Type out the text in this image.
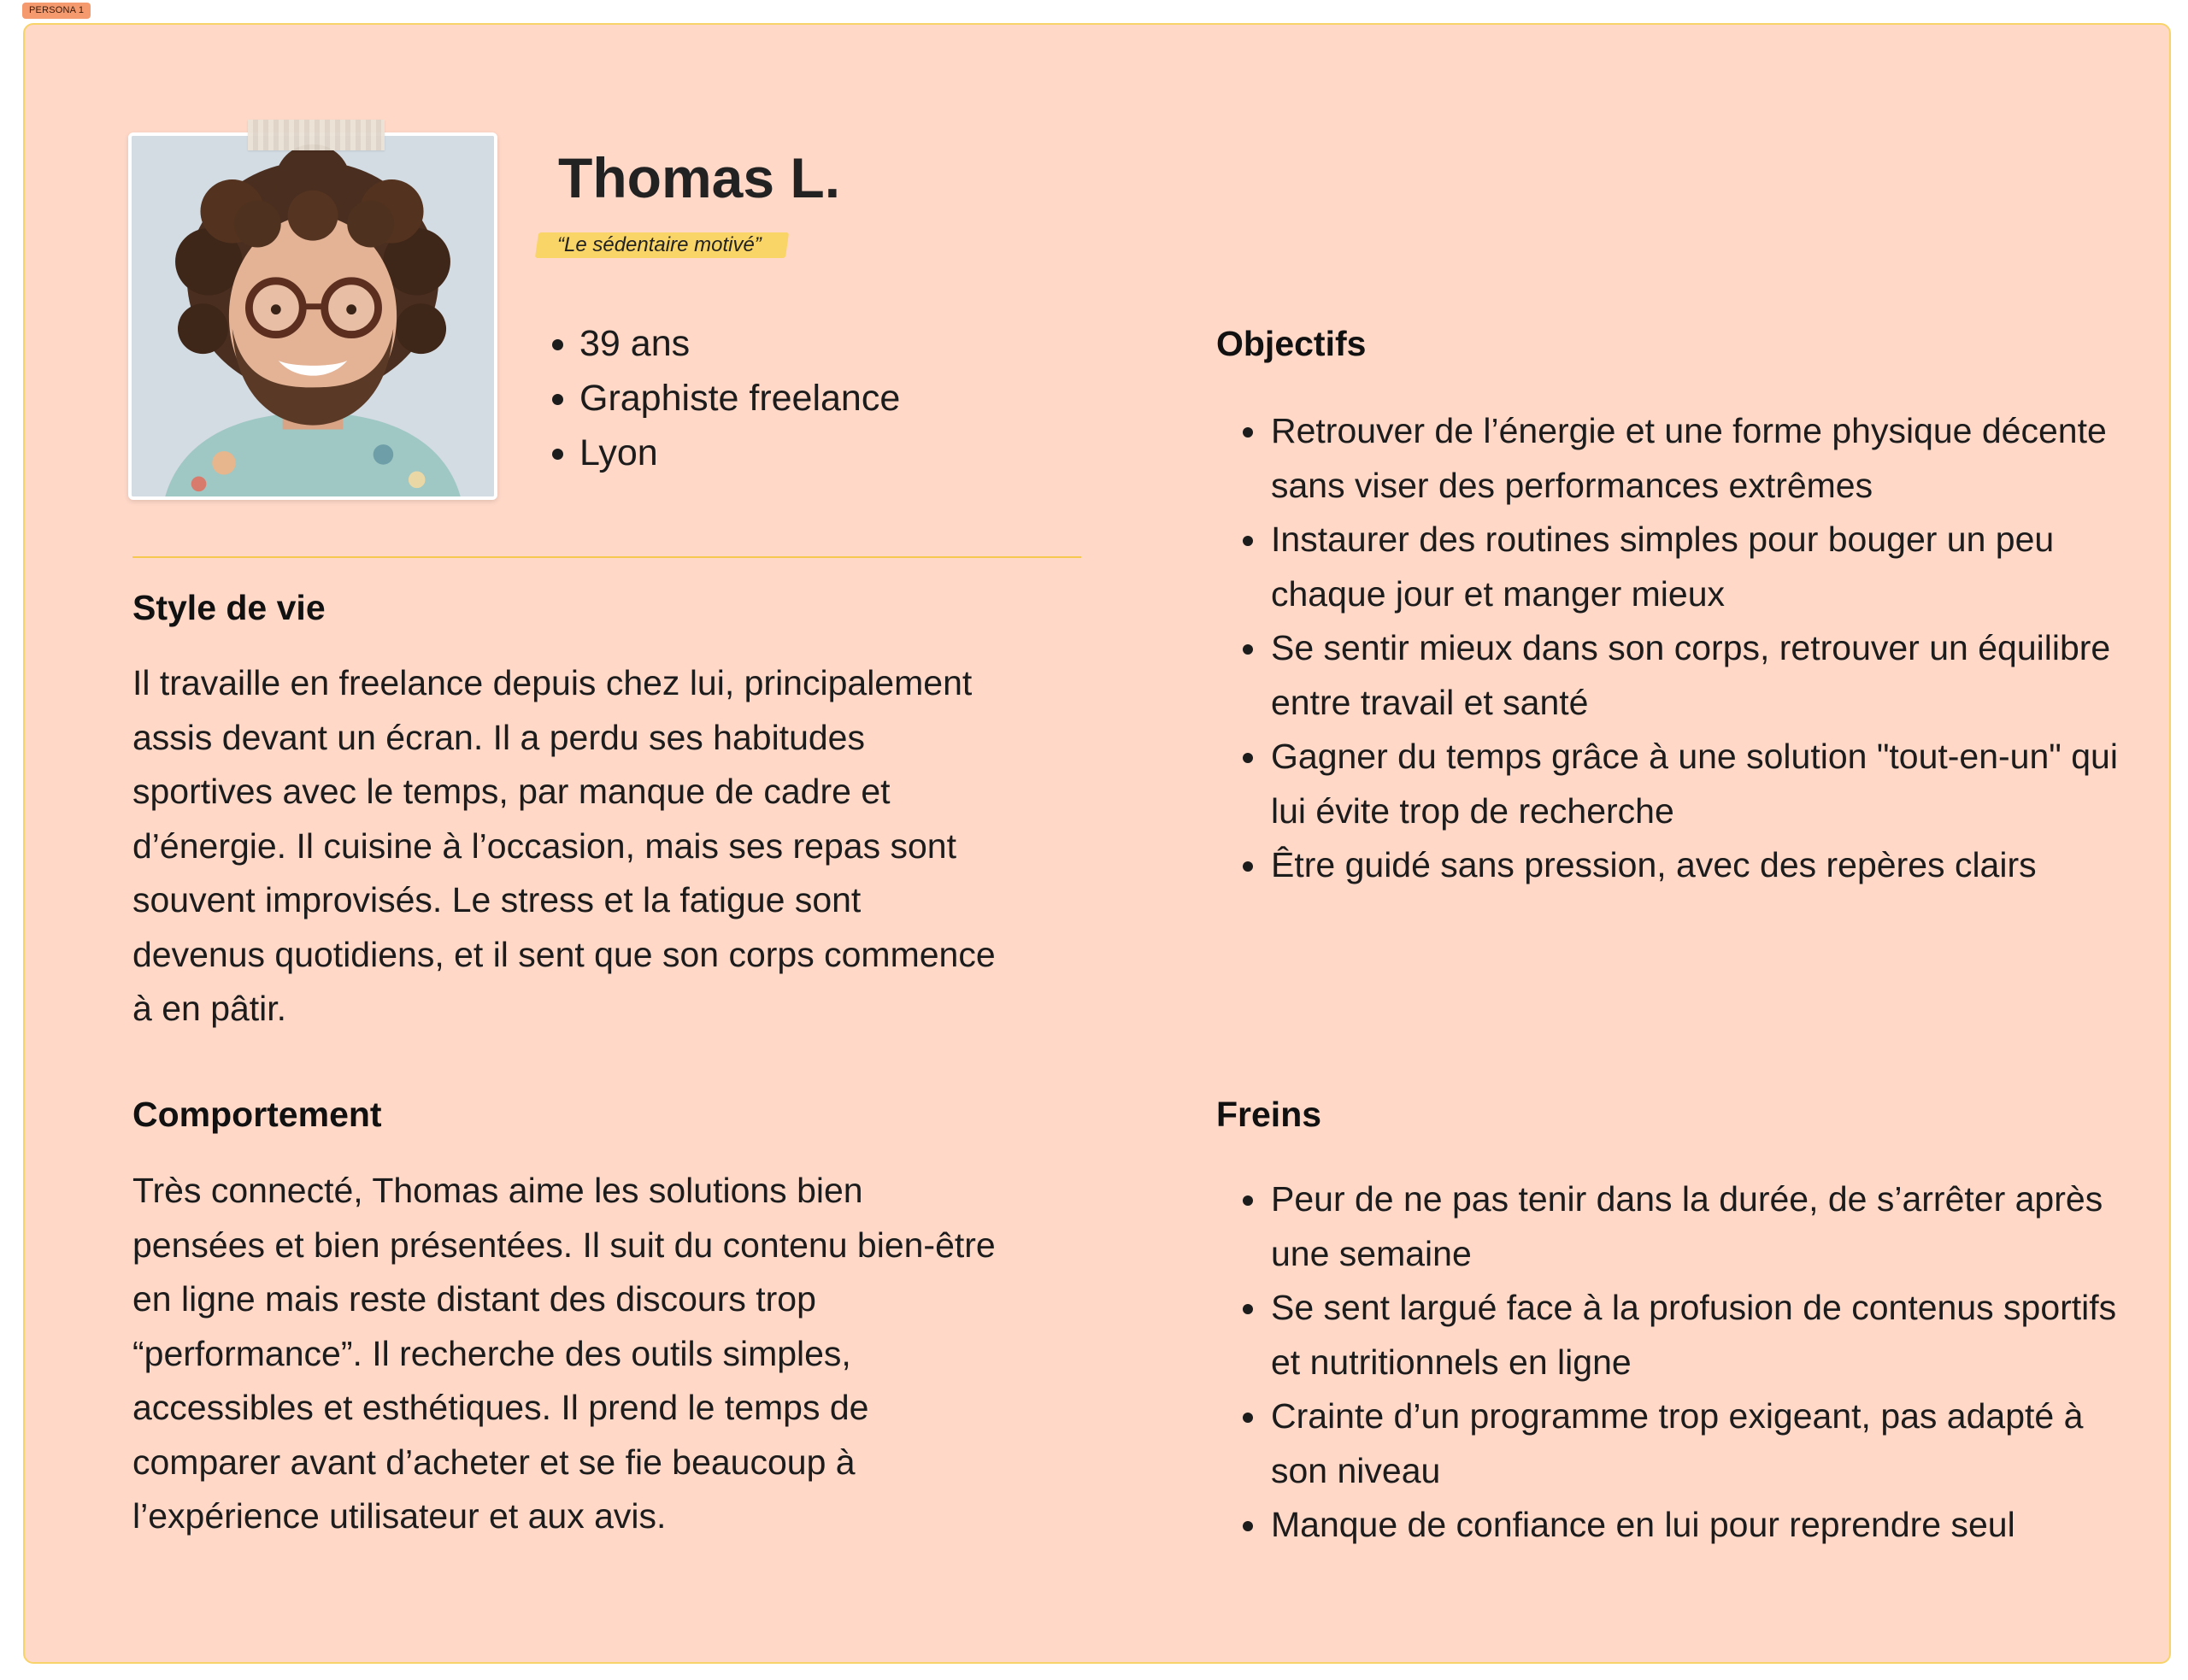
PERSONA 1
Thomas L.
“Le sédentaire motivé”
• 39 ans
• Graphiste freelance
• Lyon
Style de vie

Il travaille en freelance depuis chez lui, principalement assis devant un écran. Il a perdu ses habitudes sportives avec le temps, par manque de cadre et d’énergie. Il cuisine à l’occasion, mais ses repas sont souvent improvisés. Le stress et la fatigue sont devenus quotidiens, et il sent que son corps commence à en pâtir.

Comportement

Très connecté, Thomas aime les solutions bien pensées et bien présentées. Il suit du contenu bien-être en ligne mais reste distant des discours trop “performance”. Il recherche des outils simples, accessibles et esthétiques. Il prend le temps de comparer avant d’acheter et se fie beaucoup à l’expérience utilisateur et aux avis.

Objectifs
• Retrouver de l’énergie et une forme physique décente sans viser des performances extrêmes
• Instaurer des routines simples pour bouger un peu chaque jour et manger mieux
• Se sentir mieux dans son corps, retrouver un équilibre entre travail et santé
• Gagner du temps grâce à une solution "tout-en-un" qui lui évite trop de recherche
• Être guidé sans pression, avec des repères clairs
Freins
• Peur de ne pas tenir dans la durée, de s’arrêter après une semaine
• Se sent largué face à la profusion de contenus sportifs et nutritionnels en ligne
• Crainte d’un programme trop exigeant, pas adapté à son niveau
• Manque de confiance en lui pour reprendre seul
